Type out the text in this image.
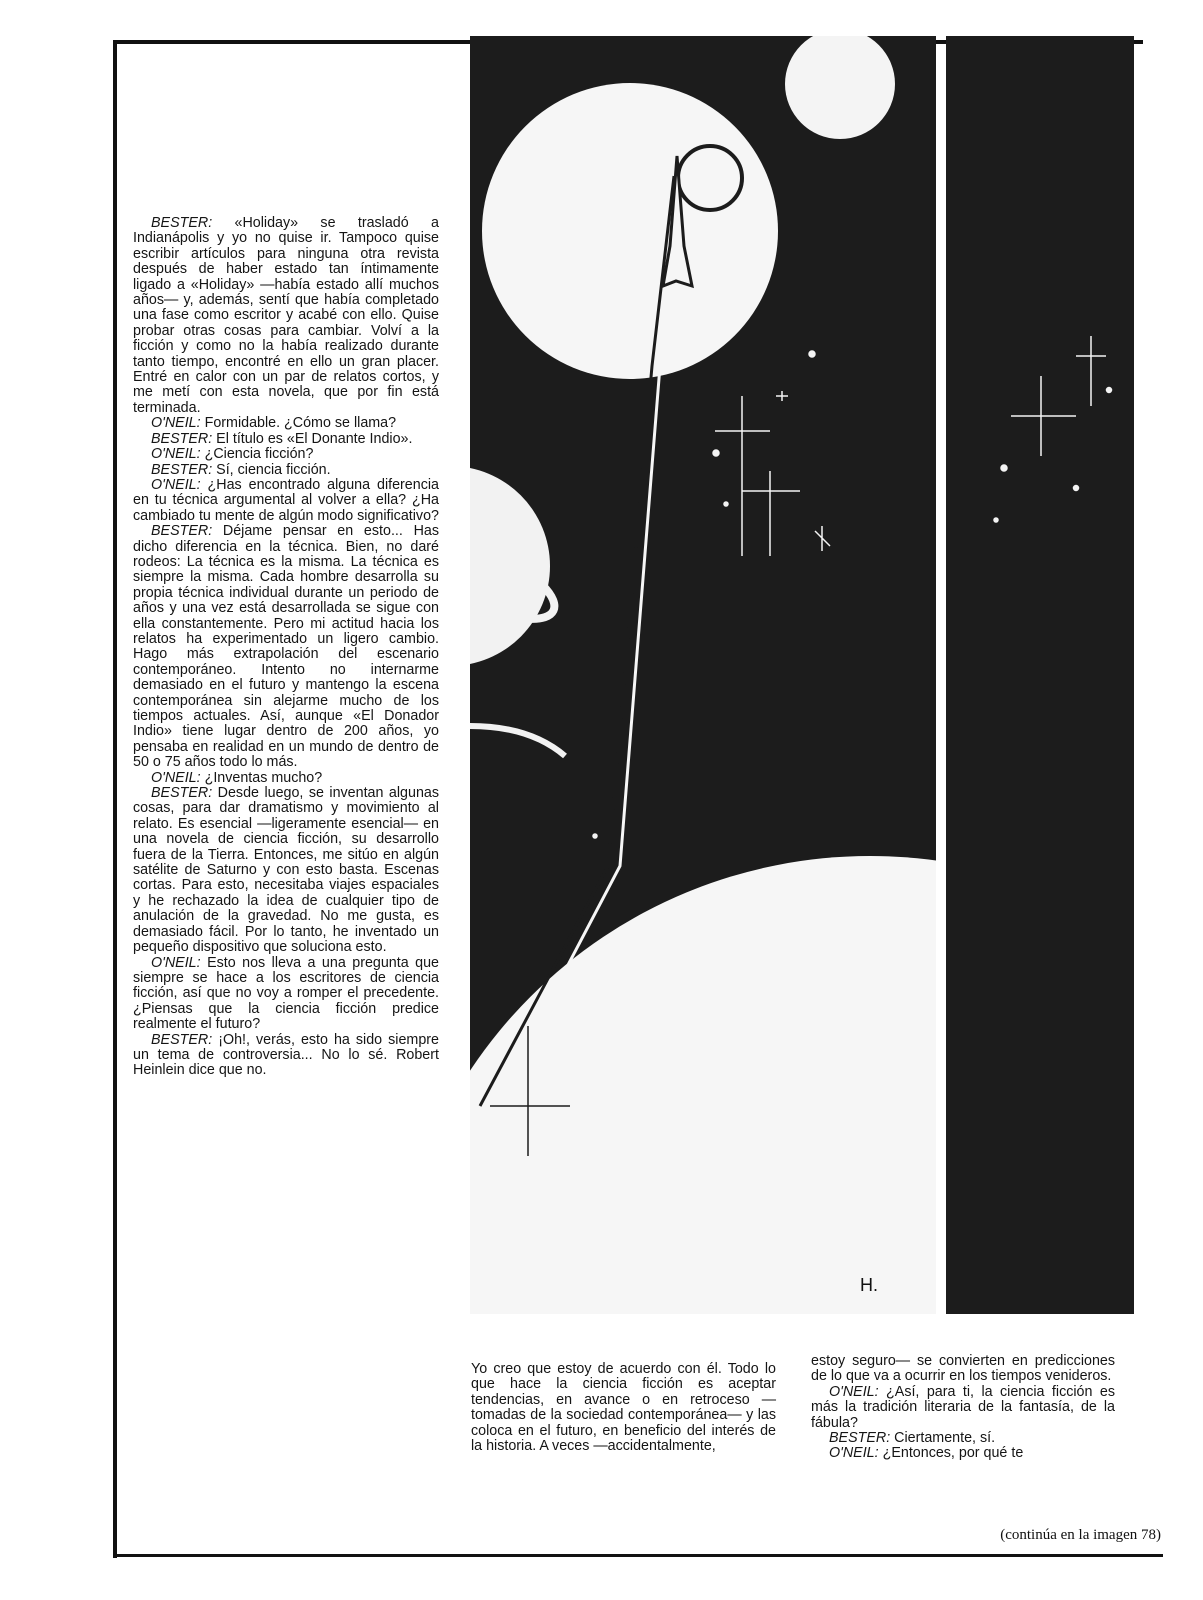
H.

BESTER: «Holiday» se trasladó a Indianápolis y yo no quise ir. Tampoco quise escribir artículos para ninguna otra revista después de haber estado tan íntimamente ligado a «Holiday» —había estado allí muchos años— y, además, sentí que había completado una fase como escritor y acabé con ello. Quise probar otras cosas para cambiar. Volví a la ficción y como no la había realizado durante tanto tiempo, encontré en ello un gran placer. Entré en calor con un par de relatos cortos, y me metí con esta novela, que por fin está terminada.

O'NEIL: Formidable. ¿Cómo se llama?

BESTER: El título es «El Donante Indio».

O'NEIL: ¿Ciencia ficción?

BESTER: Sí, ciencia ficción.

O'NEIL: ¿Has encontrado alguna diferencia en tu técnica argumental al volver a ella? ¿Ha cambiado tu mente de algún modo significativo?

BESTER: Déjame pensar en esto... Has dicho diferencia en la técnica. Bien, no daré rodeos: La técnica es la misma. La técnica es siempre la misma. Cada hombre desarrolla su propia técnica individual durante un periodo de años y una vez está desarrollada se sigue con ella constantemente. Pero mi actitud hacia los relatos ha experimentado un ligero cambio. Hago más extrapolación del escenario contemporáneo. Intento no internarme demasiado en el futuro y mantengo la escena contemporánea sin alejarme mucho de los tiempos actuales. Así, aunque «El Donador Indio» tiene lugar dentro de 200 años, yo pensaba en realidad en un mundo de dentro de 50 o 75 años todo lo más.

O'NEIL: ¿Inventas mucho?

BESTER: Desde luego, se inventan algunas cosas, para dar dramatismo y movimiento al relato. Es esencial —ligeramente esencial— en una novela de ciencia ficción, su desarrollo fuera de la Tierra. Entonces, me sitúo en algún satélite de Saturno y con esto basta. Escenas cortas. Para esto, necesitaba viajes espaciales y he rechazado la idea de cualquier tipo de anulación de la gravedad. No me gusta, es demasiado fácil. Por lo tanto, he inventado un pequeño dispositivo que soluciona esto.

O'NEIL: Esto nos lleva a una pregunta que siempre se hace a los escritores de ciencia ficción, así que no voy a romper el precedente. ¿Piensas que la ciencia ficción predice realmente el futuro?

BESTER: ¡Oh!, verás, esto ha sido siempre un tema de controversia... No lo sé. Robert Heinlein dice que no.

Yo creo que estoy de acuerdo con él. Todo lo que hace la ciencia ficción es aceptar tendencias, en avance o en retroceso —tomadas de la sociedad contemporánea— y las coloca en el futuro, en beneficio del interés de la historia. A veces —accidentalmente,

estoy seguro— se convierten en predicciones de lo que va a ocurrir en los tiempos venideros.

O'NEIL: ¿Así, para ti, la ciencia ficción es más la tradición literaria de la fantasía, de la fábula?

BESTER: Ciertamente, sí.

O'NEIL: ¿Entonces, por qué te

(continúa en la imagen 78)
